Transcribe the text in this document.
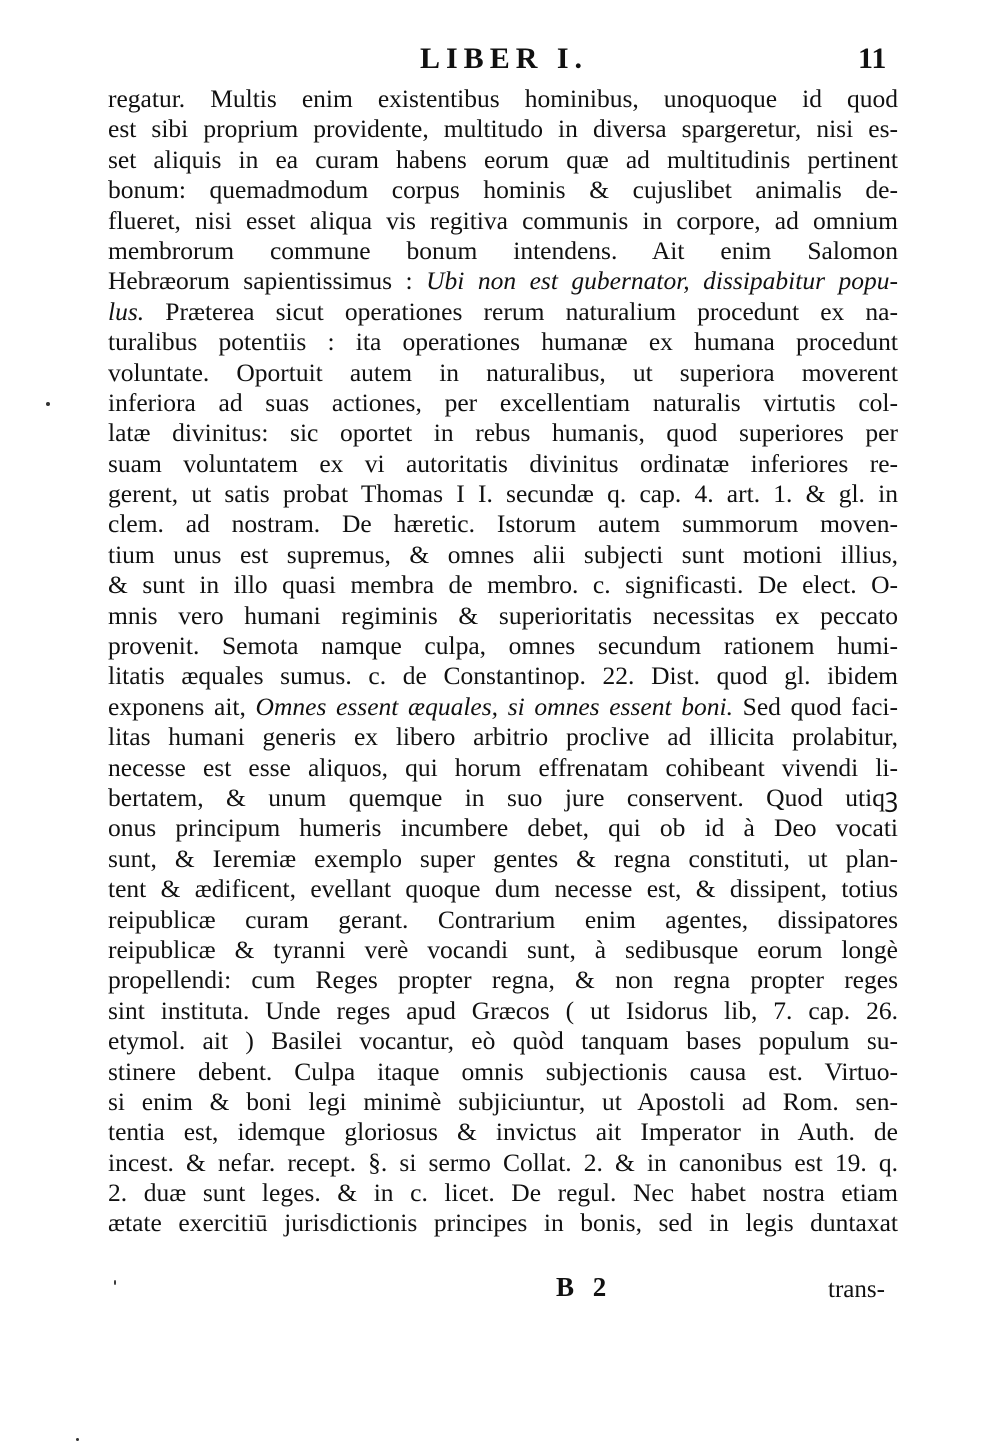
LIBER I.	11
regatur. Multis enim existentibus hominibus, unoquoque id quod
est sibi proprium providente, multitudo in diversa spargeretur, nisi es-
set aliquis in ea curam habens eorum quæ ad multitudinis pertinent
bonum: quemadmodum corpus hominis & cujuslibet animalis de-
flueret, nisi esset aliqua vis regitiva communis in corpore, ad omnium
membrorum commune bonum intendens. Ait enim Salomon
Hebræorum sapientissimus : Ubi non est gubernator, dissipabitur popu-
lus. Præterea sicut operationes rerum naturalium procedunt ex na-
turalibus potentiis : ita operationes humanæ ex humana procedunt
voluntate. Oportuit autem in naturalibus, ut superiora moverent
inferiora ad suas actiones, per excellentiam naturalis virtutis col-
latæ divinitus: sic oportet in rebus humanis, quod superiores per
suam voluntatem ex vi autoritatis divinitus ordinatæ inferiores re-
gerent, ut satis probat Thomas I I. secundæ q. cap. 4. art. 1. & gl. in
clem. ad nostram. De hæretic. Istorum autem summorum moven-
tium unus est supremus, & omnes alii subjecti sunt motioni illius,
& sunt in illo quasi membra de membro. c. significasti. De elect. O-
mnis vero humani regiminis & superioritatis necessitas ex peccato
provenit. Semota namque culpa, omnes secundum rationem humi-
litatis æquales sumus. c. de Constantinop. 22. Dist. quod gl. ibidem
exponens ait, Omnes essent æquales, si omnes essent boni. Sed quod faci-
litas humani generis ex libero arbitrio proclive ad illicita prolabitur,
necesse est esse aliquos, qui horum effrenatam cohibeant vivendi li-
bertatem, & unum quemque in suo jure conservent. Quod utiqꝫ
onus principum humeris incumbere debet, qui ob id à Deo vocati
sunt, & Ieremiæ exemplo super gentes & regna constituti, ut plan-
tent & ædificent, evellant quoque dum necesse est, & dissipent, totius
reipublicæ curam gerant. Contrarium enim agentes, dissipatores
reipublicæ & tyranni verè vocandi sunt, à sedibusque eorum longè
propellendi: cum Reges propter regna, & non regna propter reges
sint instituta. Unde reges apud Græcos ( ut Isidorus lib, 7. cap. 26.
etymol. ait ) Basilei vocantur, eò quòd tanquam bases populum su-
stinere debent. Culpa itaque omnis subjectionis causa est. Virtuo-
si enim & boni legi minimè subjiciuntur, ut Apostoli ad Rom. sen-
tentia est, idemque gloriosus & invictus ait Imperator in Auth. de
incest. & nefar. recept. §. si sermo Collat. 2. & in canonibus est 19. q.
2. duæ sunt leges. & in c. licet. De regul. Nec habet nostra etiam
ætate exercitiū jurisdictionis principes in bonis, sed in legis duntaxat
B 2	trans-
